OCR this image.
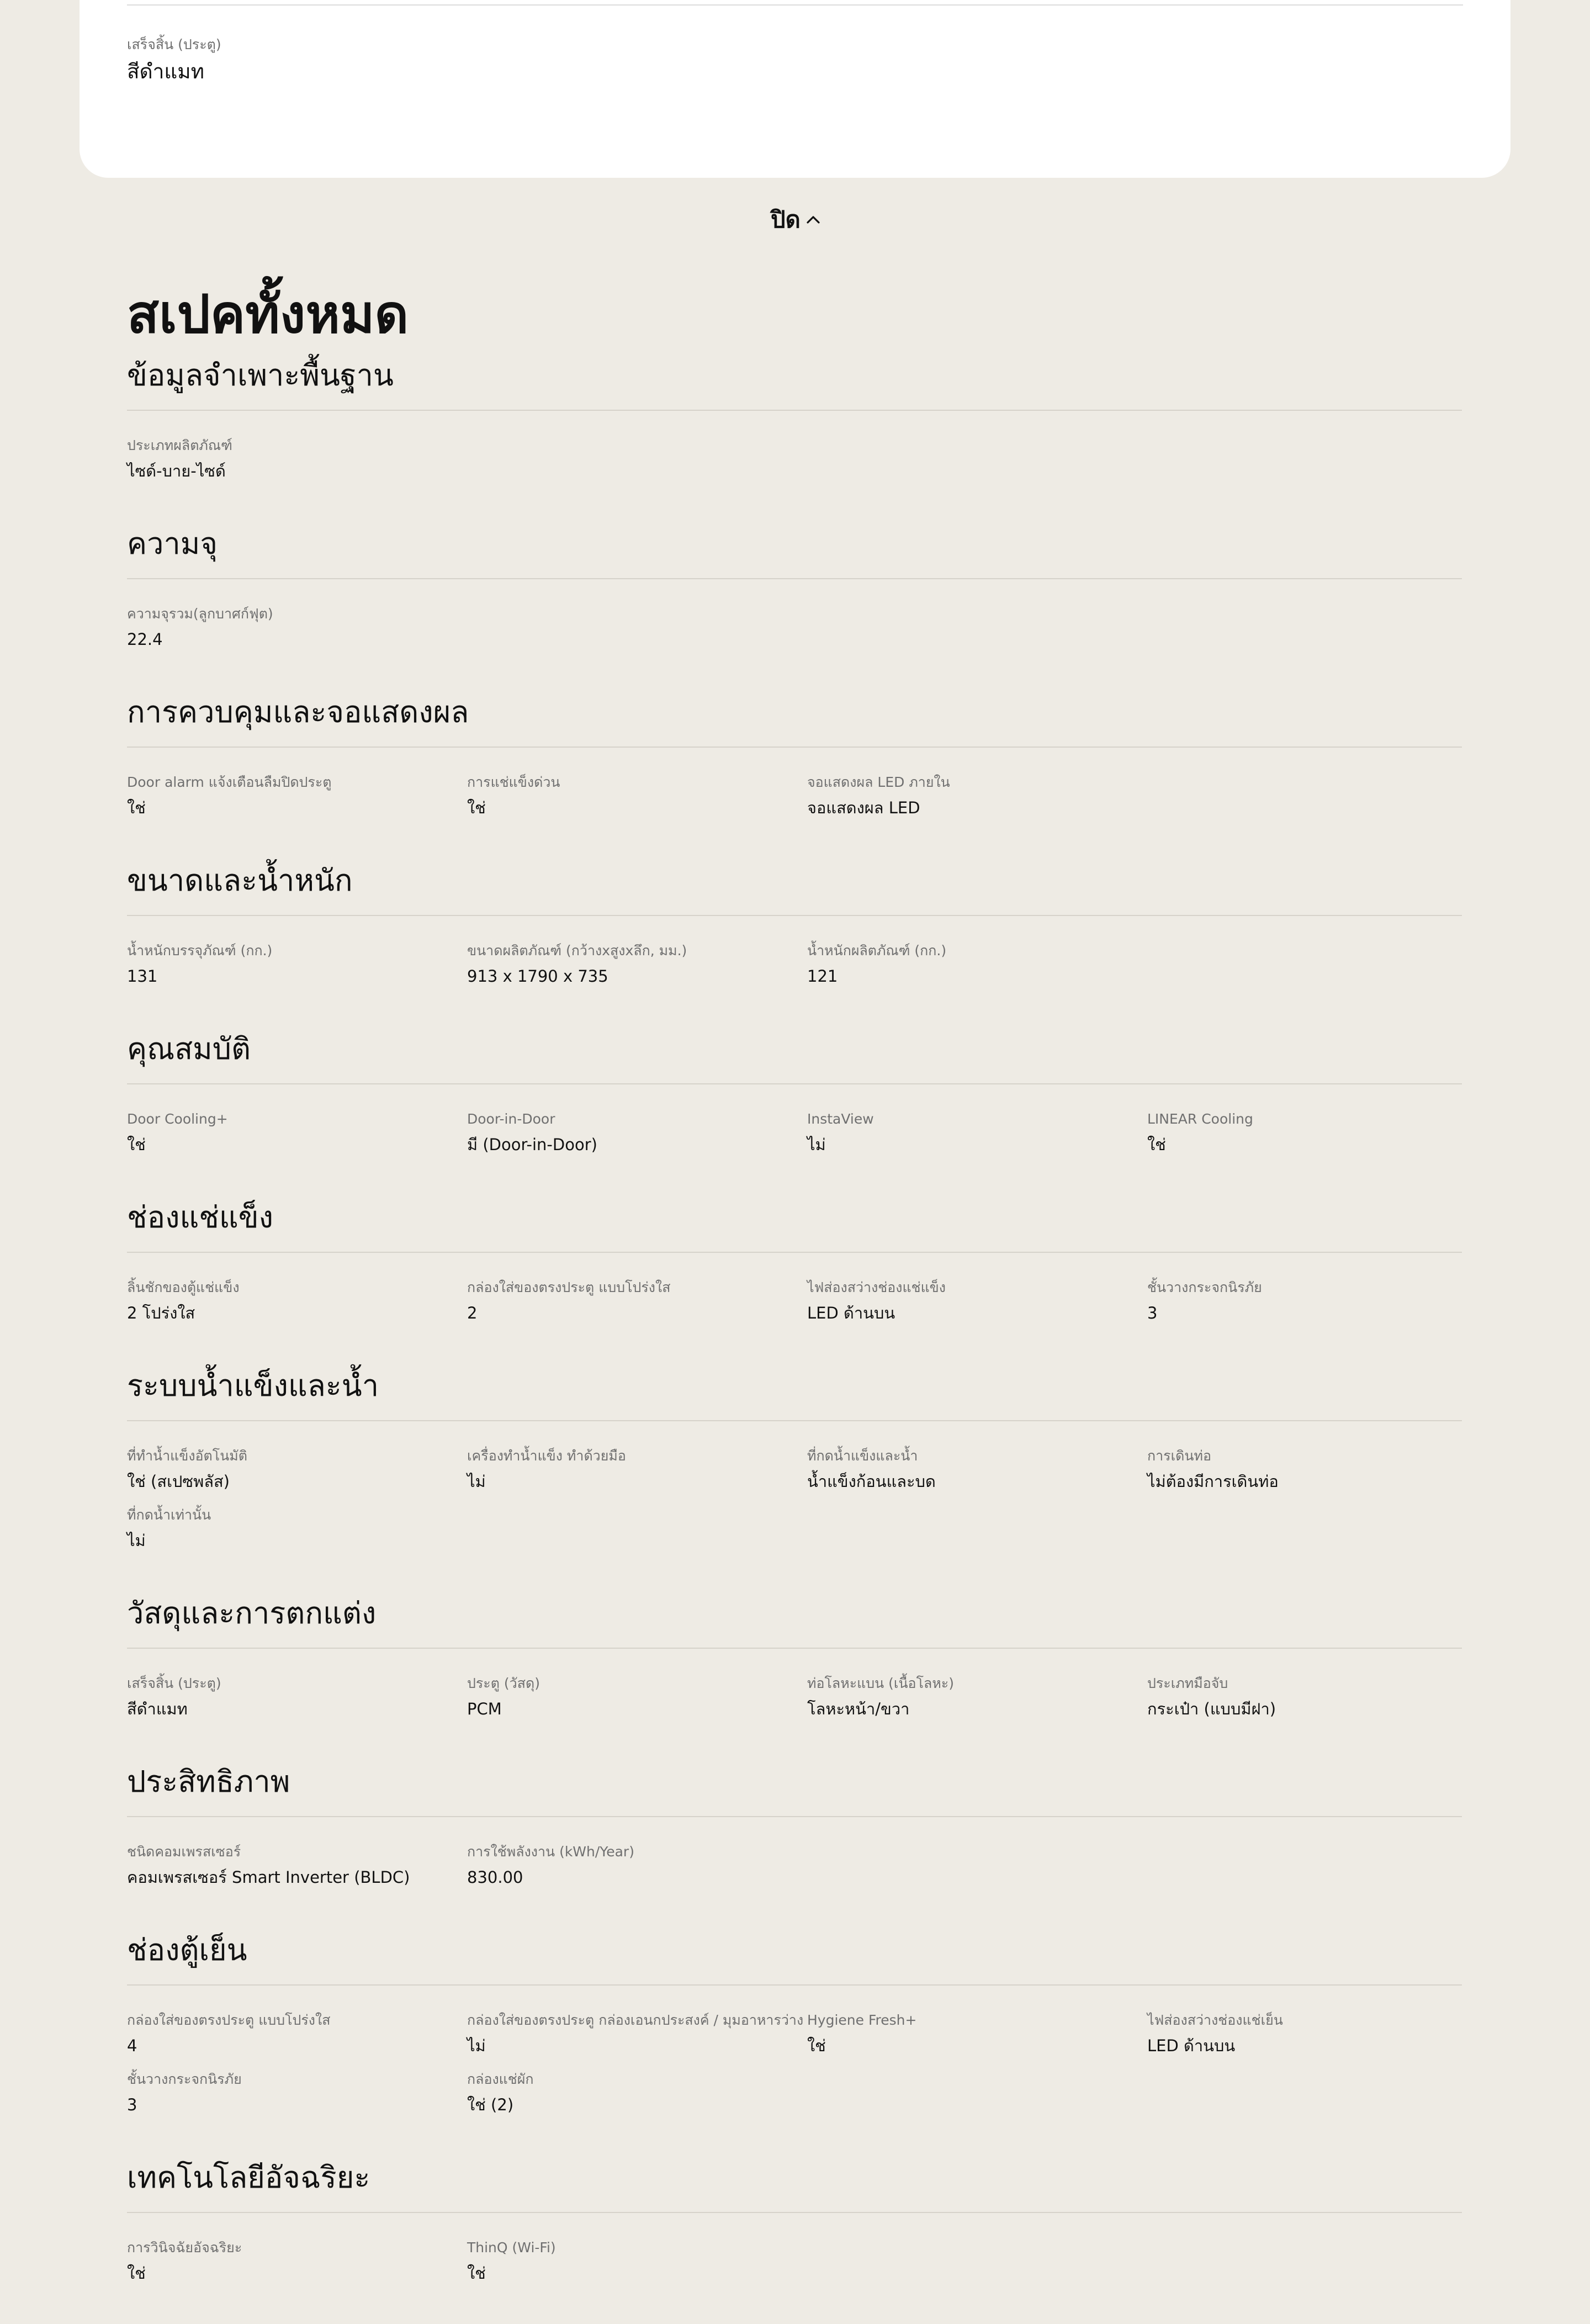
เสร็จสิ้น (ประตู)
สีดำแมท
ปิด
สเปคทั้งหมด
ข้อมูลจำเพาะพื้นฐาน
ประเภทผลิตภัณฑ์
ไซด์-บาย-ไซด์
ความจุ
ความจุรวม(ลูกบาศก์ฟุต)
22.4
การควบคุมและจอแสดงผล
Door alarm แจ้งเตือนลืมปิดประตู
ใช่
การแช่แข็งด่วน
ใช่
จอแสดงผล LED ภายใน
จอแสดงผล LED
ขนาดและน้ำหนัก
น้ำหนักบรรจุภัณฑ์ (กก.)
131
ขนาดผลิตภัณฑ์ (กว้างxสูงxลึก, มม.)
913 x 1790 x 735
น้ำหนักผลิตภัณฑ์ (กก.)
121
คุณสมบัติ
Door Cooling+
ใช่
Door-in-Door
มี (Door-in-Door)
InstaView
ไม่
LINEAR Cooling
ใช่
ช่องแช่แข็ง
ลิ้นชักของตู้แช่แข็ง
2 โปร่งใส
กล่องใส่ของตรงประตู แบบโปร่งใส
2
ไฟส่องสว่างช่องแช่แข็ง
LED ด้านบน
ชั้นวางกระจกนิรภัย
3
ระบบน้ำแข็งและน้ำ
ที่ทำน้ำแข็งอัตโนมัติ
ใช่ (สเปซพลัส)
เครื่องทำน้ำแข็ง ทำด้วยมือ
ไม่
ที่กดน้ำแข็งและน้ำ
น้ำแข็งก้อนและบด
การเดินท่อ
ไม่ต้องมีการเดินท่อ
ที่กดน้ำเท่านั้น
ไม่
วัสดุและการตกแต่ง
เสร็จสิ้น (ประตู)
สีดำแมท
ประตู (วัสดุ)
PCM
ท่อโลหะแบน (เนื้อโลหะ)
โลหะหน้า/ขวา
ประเภทมือจับ
กระเป๋า (แบบมีฝา)
ประสิทธิภาพ
ชนิดคอมเพรสเซอร์
คอมเพรสเซอร์ Smart Inverter (BLDC)
การใช้พลังงาน (kWh/Year)
830.00
ช่องตู้เย็น
กล่องใส่ของตรงประตู แบบโปร่งใส
4
กล่องใส่ของตรงประตู กล่องเอนกประสงค์ / มุมอาหารว่าง
ไม่
Hygiene Fresh+
ใช่
ไฟส่องสว่างช่องแช่เย็น
LED ด้านบน
ชั้นวางกระจกนิรภัย
3
กล่องแช่ผัก
ใช่ (2)
เทคโนโลยีอัจฉริยะ
การวินิจฉัยอัจฉริยะ
ใช่
ThinQ (Wi-Fi)
ใช่
